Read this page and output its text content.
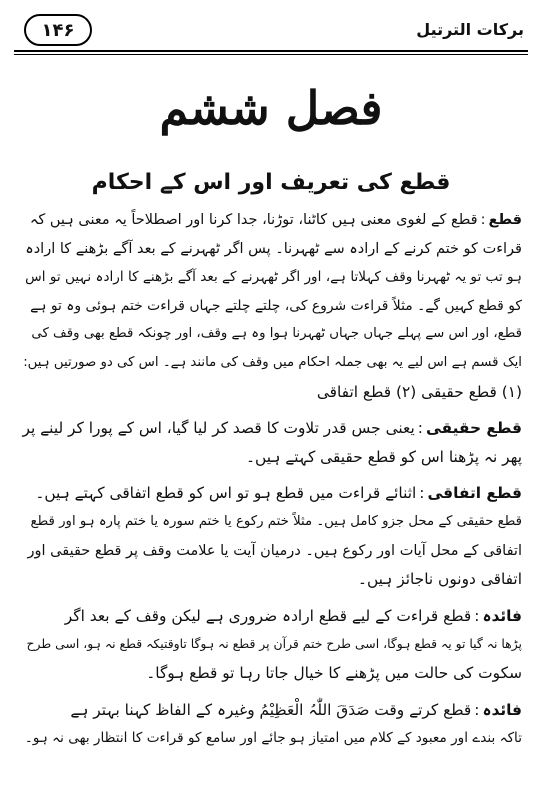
برکات الترتیل
۱۴۶
فصل ششم
قطع کی تعریف اور اس کے احکام

قطع:قطع کے لغوی معنی ہیں کاٹنا، توڑنا، جدا کرنا اور اصطلاحاً یہ معنی ہیں کہ
قراءت کو ختم کرنے کے ارادہ سے ٹھہرنا۔ پس اگر ٹھہرنے کے بعد آگے بڑھنے کا ارادہ
ہو تب تو یہ ٹھہرنا وقف کہلاتا ہے، اور اگر ٹھہرنے کے بعد آگے بڑھنے کا ارادہ نہیں تو اس
کو قطع کہیں گے۔ مثلاً قراءت شروع کی، چلتے چلتے جہاں قراءت ختم ہوئی وہ تو ہے
قطع، اور اس سے پہلے جہاں جہاں ٹھہرنا ہوا وہ ہے وقف، اور چونکہ قطع بھی وقف کی
ایک قسم ہے اس لیے یہ بھی جملہ احکام میں وقف کی مانند ہے۔ اس کی دو صورتیں ہیں:
(۱) قطع حقیقی (۲) قطع اتفاقی

قطع حقیقی:یعنی جس قدر تلاوت کا قصد کر لیا گیا، اس کے پورا کر لینے پر
پھر نہ پڑھنا اس کو قطع حقیقی کہتے ہیں۔

قطع اتفاقی:اثنائے قراءت میں قطع ہو تو اس کو قطع اتفاقی کہتے ہیں۔
قطع حقیقی کے محل جزو کامل ہیں۔ مثلاً ختم رکوع یا ختم سورہ یا ختم پارہ ہو اور قطع
اتفاقی کے محل آیات اور رکوع ہیں۔ درمیان آیت یا علامت وقف پر قطع حقیقی اور
اتفاقی دونوں ناجائز ہیں۔

فائدہ:قطع قراءت کے لیے قطع ارادہ ضروری ہے لیکن وقف کے بعد اگر
پڑھا نہ گیا تو یہ قطع ہوگا، اسی طرح ختم قرآن پر قطع نہ ہوگا تاوقتیکہ قطع نہ ہو، اسی طرح
سکوت کی حالت میں پڑھنے کا خیال جاتا رہا تو قطع ہوگا۔

فائدہ:قطع کرتے وقت صَدَقَ اللّٰہُ الْعَظِیْمُ وغیرہ کے الفاظ کہنا بہتر ہے
تاکہ بندے اور معبود کے کلام میں امتیاز ہو جائے اور سامع کو قراءت کا انتظار بھی نہ ہو۔
